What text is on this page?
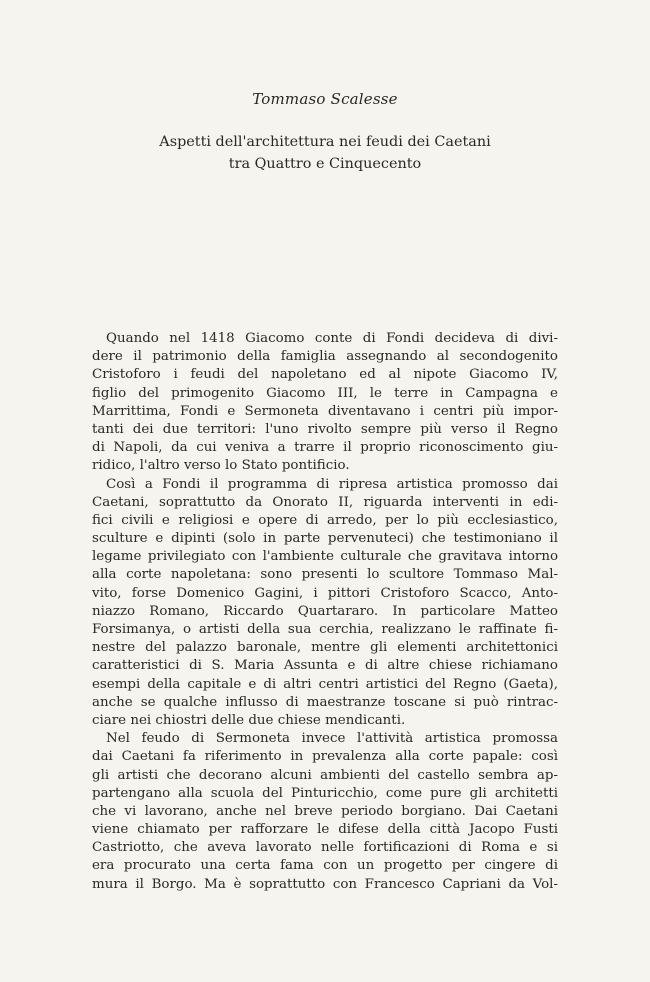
Tommaso Scalesse
Aspetti dell'architettura nei feudi dei Caetani
tra Quattro e Cinquecento
Quando nel 1418 Giacomo conte di Fondi decideva di divi-
dere il patrimonio della famiglia assegnando al secondogenito
Cristoforo i feudi del napoletano ed al nipote Giacomo IV,
figlio del primogenito Giacomo III, le terre in Campagna e
Marrittima, Fondi e Sermoneta diventavano i centri più impor-
tanti dei due territori: l'uno rivolto sempre più verso il Regno
di Napoli, da cui veniva a trarre il proprio riconoscimento giu-
ridico, l'altro verso lo Stato pontificio.
Così a Fondi il programma di ripresa artistica promosso dai
Caetani, soprattutto da Onorato II, riguarda interventi in edi-
fici civili e religiosi e opere di arredo, per lo più ecclesiastico,
sculture e dipinti (solo in parte pervenuteci) che testimoniano il
legame privilegiato con l'ambiente culturale che gravitava intorno
alla corte napoletana: sono presenti lo scultore Tommaso Mal-
vito, forse Domenico Gagini, i pittori Cristoforo Scacco, Anto-
niazzo Romano, Riccardo Quartararo. In particolare Matteo
Forsimanya, o artisti della sua cerchia, realizzano le raffinate fi-
nestre del palazzo baronale, mentre gli elementi architettonici
caratteristici di S. Maria Assunta e di altre chiese richiamano
esempi della capitale e di altri centri artistici del Regno (Gaeta),
anche se qualche influsso di maestranze toscane si può rintrac-
ciare nei chiostri delle due chiese mendicanti.
Nel feudo di Sermoneta invece l'attività artistica promossa
dai Caetani fa riferimento in prevalenza alla corte papale: così
gli artisti che decorano alcuni ambienti del castello sembra ap-
partengano alla scuola del Pinturicchio, come pure gli architetti
che vi lavorano, anche nel breve periodo borgiano. Dai Caetani
viene chiamato per rafforzare le difese della città Jacopo Fusti
Castriotto, che aveva lavorato nelle fortificazioni di Roma e si
era procurato una certa fama con un progetto per cingere di
mura il Borgo. Ma è soprattutto con Francesco Capriani da Vol-
